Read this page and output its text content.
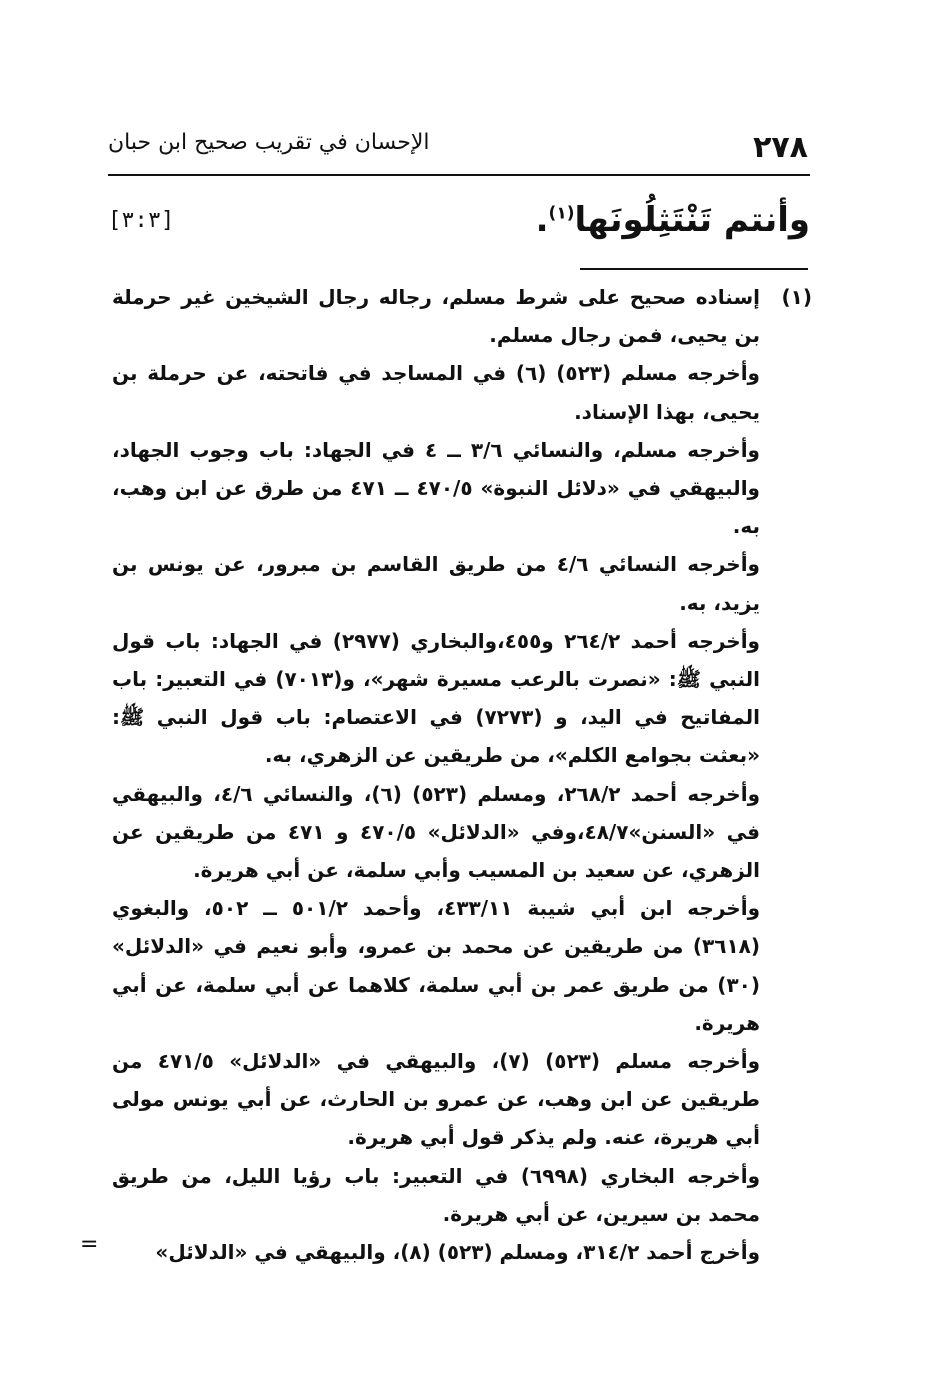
٢٧٨
الإحسان في تقريب صحيح ابن حبان
وأنتم تَنْتَثِلُونَها$^{(١)}$.
[٣:٣]
(١)
إسناده صحيح على شرط مسلم، رجاله رجال الشيخين غير حرملة بن يحيى، فمن رجال مسلم.
وأخرجه مسلم (٥٢٣) (٦) في المساجد في فاتحته، عن حرملة بن يحيى، بهذا الإسناد.
وأخرجه مسلم، والنسائي ٣/٦ ــ ٤ في الجهاد: باب وجوب الجهاد، والبيهقي في «دلائل النبوة» ٤٧٠/٥ ــ ٤٧١ من طرق عن ابن وهب، به.
وأخرجه النسائي ٤/٦ من طريق القاسم بن مبرور، عن يونس بن يزيد، به.
وأخرجه أحمد ٢٦٤/٢ و٤٥٥،والبخاري (٢٩٧٧) في الجهاد: باب قول النبي ﷺ: «نصرت بالرعب مسيرة شهر»، و(٧٠١٣) في التعبير: باب المفاتيح في اليد، و (٧٢٧٣) في الاعتصام: باب قول النبي ﷺ: «بعثت بجوامع الكلم»، من طريقين عن الزهري، به.
وأخرجه أحمد ٢٦٨/٢، ومسلم (٥٢٣) (٦)، والنسائي ٤/٦، والبيهقي في «السنن»٤٨/٧،وفي «الدلائل» ٤٧٠/٥ و ٤٧١ من طريقين عن الزهري، عن سعيد بن المسيب وأبي سلمة، عن أبي هريرة.
وأخرجه ابن أبي شيبة ٤٣٣/١١، وأحمد ٥٠١/٢ ــ ٥٠٢، والبغوي (٣٦١٨) من طريقين عن محمد بن عمرو، وأبو نعيم في «الدلائل» (٣٠) من طريق عمر بن أبي سلمة، كلاهما عن أبي سلمة، عن أبي هريرة.
وأخرجه مسلم (٥٢٣) (٧)، والبيهقي في «الدلائل» ٤٧١/٥ من طريقين عن ابن وهب، عن عمرو بن الحارث، عن أبي يونس مولى أبي هريرة، عنه. ولم يذكر قول أبي هريرة.
وأخرجه البخاري (٦٩٩٨) في التعبير: باب رؤيا الليل، من طريق محمد بن سيرين، عن أبي هريرة.
وأخرج أحمد ٣١٤/٢، ومسلم (٥٢٣) (٨)، والبيهقي في «الدلائل»
=
